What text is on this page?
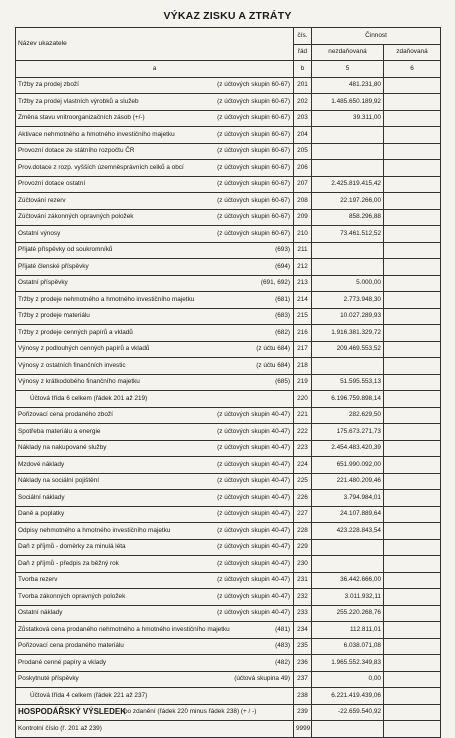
VÝKAZ ZISKU A ZTRÁTY
Název ukazatele	čís.	Činnost	
	řád	nezdaňovaná	zdaňovaná
a	b	5	6

Tržby za prodej zboží (z účtových skupin 60-67)	201	481.231,80	

Tržby za prodej vlastních výrobků a služeb (z účtových skupin 60-67)	202	1.485.650.189,92	

Změna stavu vnitroorganizačních zásob (+/-) (z účtových skupin 60-67)	203	39.311,00	

Aktivace nehmotného a hmotného investičního majetku (z účtových skupin 60-67)	204		

Provozní dotace ze státního rozpočtu ČR (z účtových skupin 60-67)	205		

Prov.dotace z rozp. vyšších územněsprávních celků a obcí (z účtových skupin 60-67)	206		

Provozní dotace ostatní (z účtových skupin 60-67)	207	2.425.819.415,42	

Zúčtování rezerv (z účtových skupin 60-67)	208	22.197.266,00	

Zúčtování zákonných opravných položek (z účtových skupin 60-67)	209	858.296,88	

Ostatní výnosy (z účtových skupin 60-67)	210	73.461.512,52	

Přijaté příspěvky od soukromníků (693)	211		

Přijaté členské příspěvky (694)	212		

Ostatní příspěvky (691, 692)	213	5.000,00	

Tržby z prodeje nehmotného a hmotného investičního majetku (681)	214	2.773.948,30	

Tržby z prodeje materiálu (683)	215	10.027.289,93	

Tržby z prodeje cenných papírů a vkladů (682)	216	1.916.381.329,72	

Výnosy z podlouhých cenných papírů a vkladů (z účtu 684)	217	209.469.553,52	

Výnosy z ostatních finančních investic (z účtu 684)	218		

Výnosy z krátkodobého finančního majetku (685)	219	51.595.553,13	

Účtová třída 6 celkem (řádek 201 až 219)	220	6.196.759.898,14	

Pořizovací cena prodaného zboží (z účtových skupin 40-47)	221	282.629,50	

Spotřeba materiálu a energie (z účtových skupin 40-47)	222	175.673.271,73	

Náklady na nakupované služby (z účtových skupin 40-47)	223	2.454.483.420,39	

Mzdové náklady (z účtových skupin 40-47)	224	651.990.092,00	

Náklady na sociální pojištění (z účtových skupin 40-47)	225	221.480.209,46	

Sociální náklady (z účtových skupin 40-47)	226	3.794.984,01	

Daně a poplatky (z účtových skupin 40-47)	227	24.107.889,64	

Odpisy nehmotného a hmotného investičního majetku (z účtových skupin 40-47)	228	423.228.843,54	

Daň z příjmů - doměrky za minulá léta (z účtových skupin 40-47)	229		

Daň z příjmů - předpis za běžný rok (z účtových skupin 40-47)	230		

Tvorba rezerv (z účtových skupin 40-47)	231	36.442.666,00	

Tvorba zákonných opravných položek (z účtových skupin 40-47)	232	3.011.932,11	

Ostatní náklady (z účtových skupin 40-47)	233	255.220.268,76	

Zůstatková cena prodaného nehmotného a hmotného investičního majetku (481)	234	112.811,01	

Pořizovací cena prodaného materiálu (483)	235	6.038.071,08	

Prodané cenné papíry a vklady (482)	236	1.965.552.349,83	

Poskytnuté příspěvky (účtová skupina 49)	237	0,00	

Účtová třída 4 celkem (řádek 221 až 237)	238	6.221.419.439,06	

HOSPODÁŘSKÝ VÝSLEDEK
po zdanění (řádek 220 minus řádek 238) (+ / -)	239	-22.659.540,92	

Kontrolní číslo (ř. 201 až 239)	9999		
